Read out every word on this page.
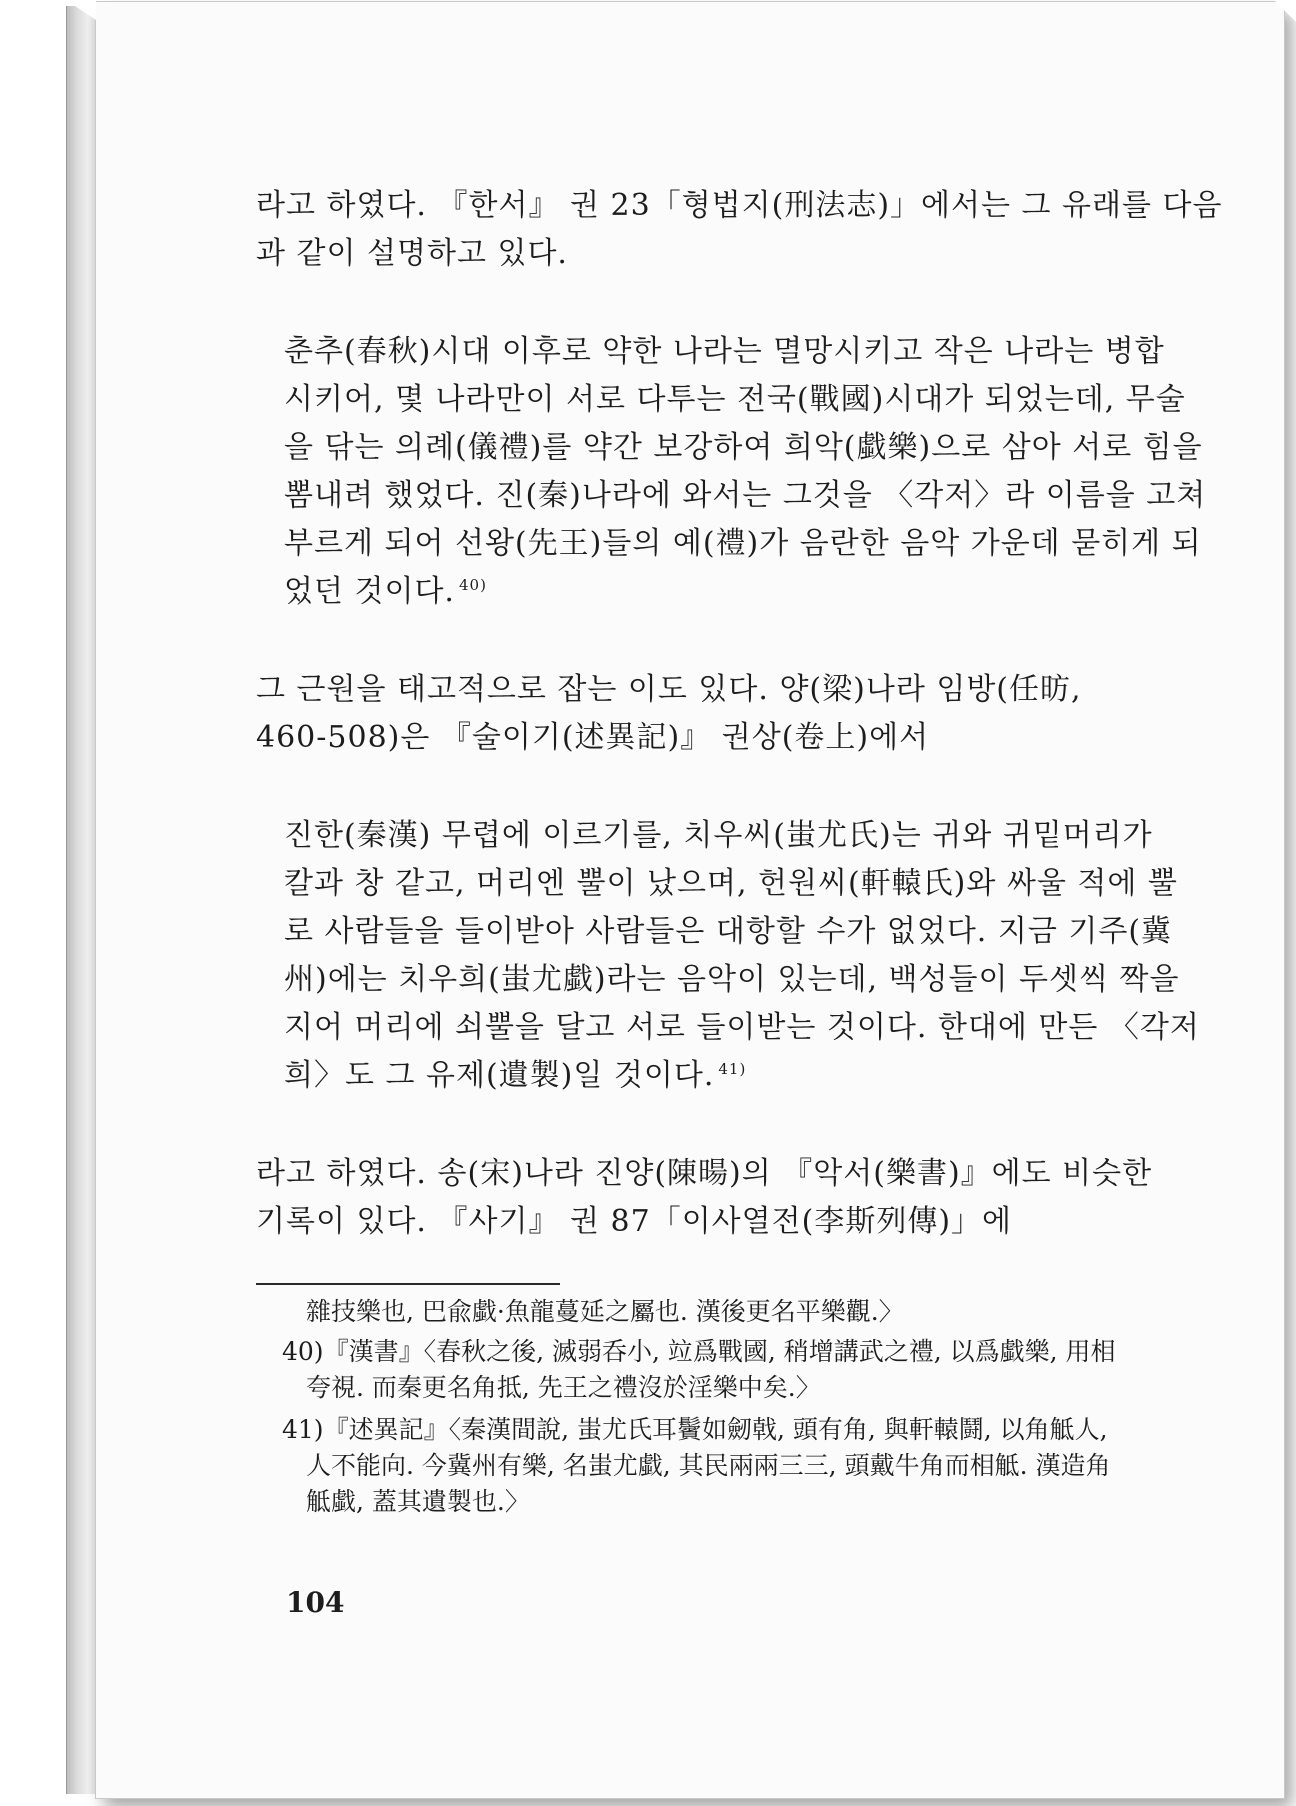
라고 하였다. 『한서』 권 23「형법지(刑法志)」에서는 그 유래를 다음
과 같이 설명하고 있다.
춘추(春秋)시대 이후로 약한 나라는 멸망시키고 작은 나라는 병합
시키어, 몇 나라만이 서로 다투는 전국(戰國)시대가 되었는데, 무술
을 닦는 의례(儀禮)를 약간 보강하여 희악(戱樂)으로 삼아 서로 힘을
뽐내려 했었다. 진(秦)나라에 와서는 그것을 〈각저〉라 이름을 고쳐
부르게 되어 선왕(先王)들의 예(禮)가 음란한 음악 가운데 묻히게 되
었던 것이다. $^{40)}$
그 근원을 태고적으로 잡는 이도 있다. 양(梁)나라 임방(任昉,
460-508)은 『술이기(述異記)』 권상(卷上)에서
진한(秦漢) 무렵에 이르기를, 치우씨(蚩尤氏)는 귀와 귀밑머리가
칼과 창 같고, 머리엔 뿔이 났으며, 헌원씨(軒轅氏)와 싸울 적에 뿔
로 사람들을 들이받아 사람들은 대항할 수가 없었다. 지금 기주(冀
州)에는 치우희(蚩尤戱)라는 음악이 있는데, 백성들이 두셋씩 짝을
지어 머리에 쇠뿔을 달고 서로 들이받는 것이다. 한대에 만든 〈각저
희〉도 그 유제(遺製)일 것이다. $^{41)}$
라고 하였다. 송(宋)나라 진양(陳暘)의 『악서(樂書)』에도 비슷한
기록이 있다. 『사기』 권 87「이사열전(李斯列傳)」에
雜技樂也, 巴兪戱·魚龍蔓延之屬也. 漢後更名平樂觀.〉
40)『漢書』〈春秋之後, 滅弱呑小, 竝爲戰國, 稍增講武之禮, 以爲戱樂, 用相
夸視. 而秦更名角抵, 先王之禮沒於淫樂中矣.〉
41)『述異記』〈秦漢間說, 蚩尤氏耳鬢如劒戟, 頭有角, 與軒轅鬪, 以角觝人,
人不能向. 今冀州有樂, 名蚩尤戱, 其民兩兩三三, 頭戴牛角而相觝. 漢造角
觝戱, 蓋其遺製也.〉
104
